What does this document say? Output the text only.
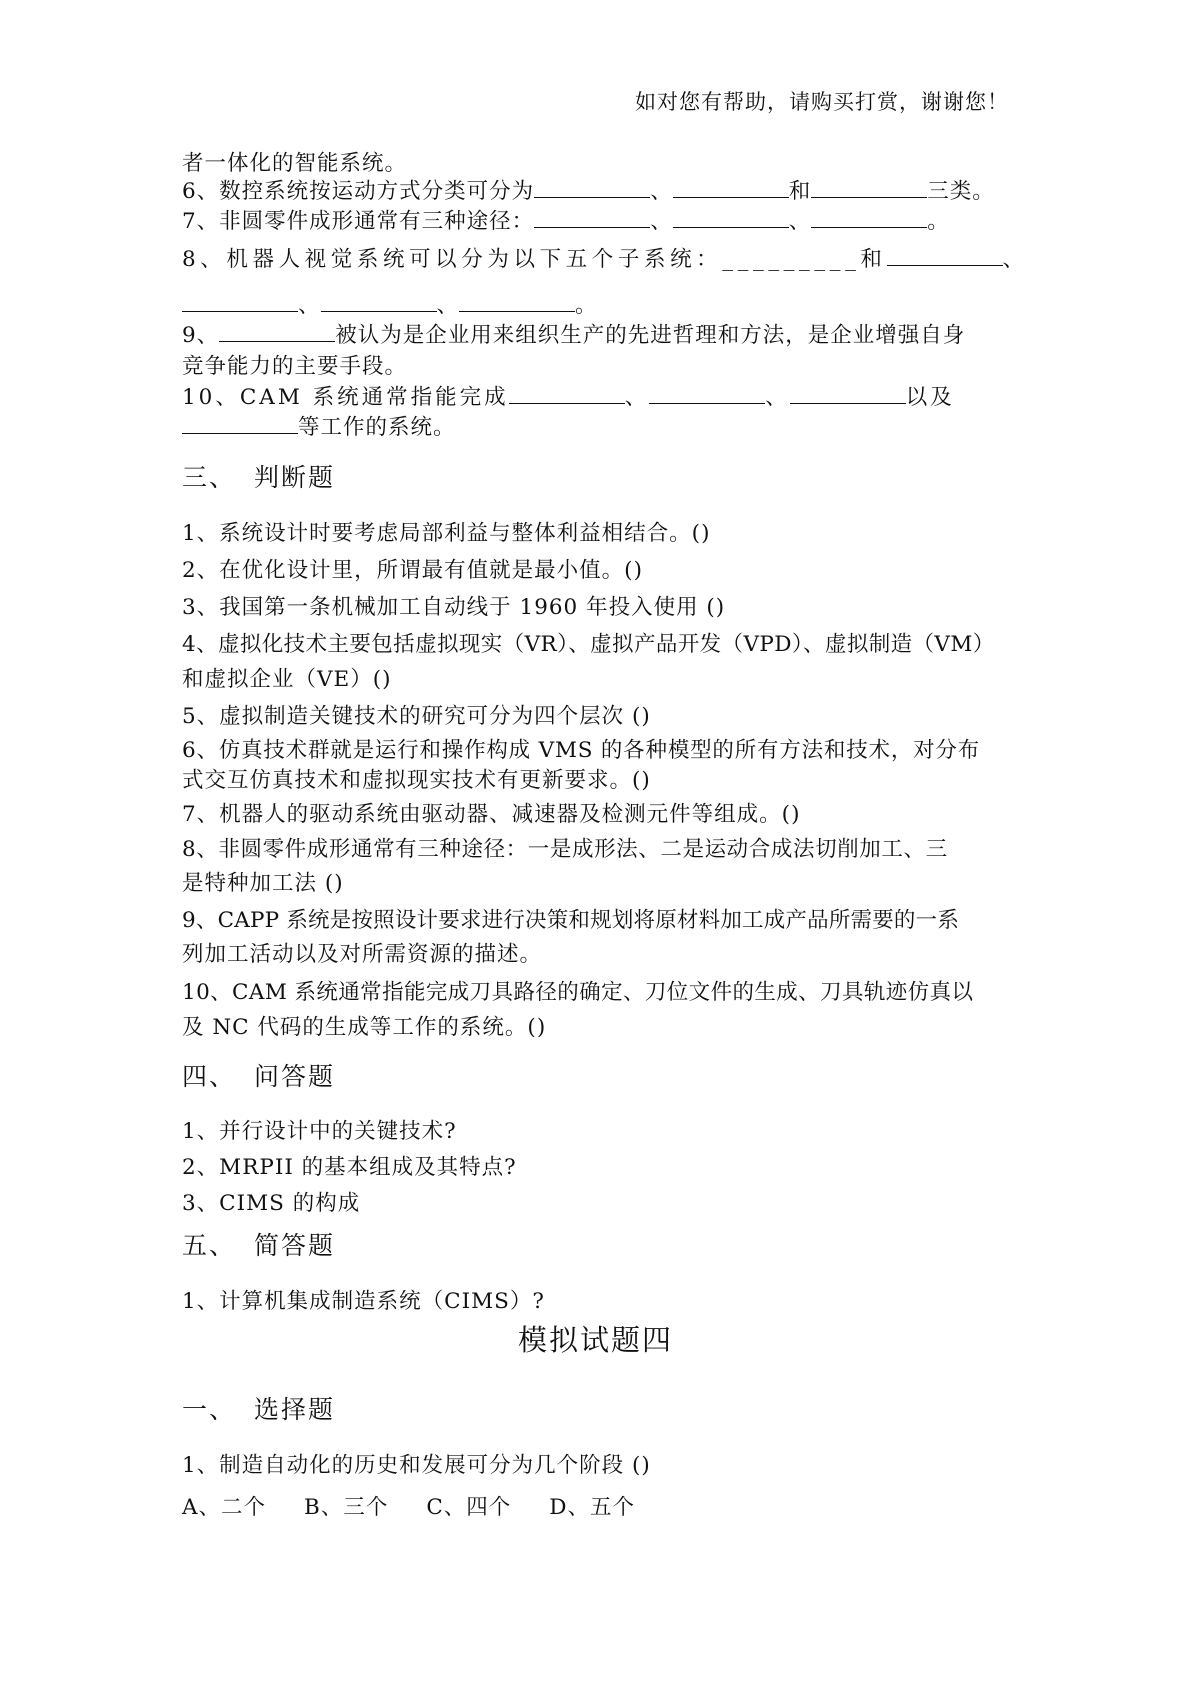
如对您有帮助，请购买打赏，谢谢您！
者一体化的智能系统。
6、数控系统按运动方式分类可分为	、	和	三类。
7、非圆零件成形通常有三种途径：	、	、	。
8、机器人视觉系统可以分为以下五个子系统：_________和	、
、	、	。
9、	被认为是企业用来组织生产的先进哲理和方法，是企业增强自身
竞争能力的主要手段。
10、CAM 系统通常指能完成	、	、	以及
等工作的系统。
三、 判断题
1、系统设计时要考虑局部利益与整体利益相结合。()
2、在优化设计里，所谓最有值就是最小值。()
3、我国第一条机械加工自动线于 1960 年投入使用 ()
4、虚拟化技术主要包括虚拟现实（VR）、虚拟产品开发（VPD）、虚拟制造（VM）
和虚拟企业（VE）()
5、虚拟制造关键技术的研究可分为四个层次 ()
6、仿真技术群就是运行和操作构成 VMS 的各种模型的所有方法和技术，对分布
式交互仿真技术和虚拟现实技术有更新要求。()
7、机器人的驱动系统由驱动器、减速器及检测元件等组成。()
8、非圆零件成形通常有三种途径：一是成形法、二是运动合成法切削加工、三
是特种加工法 ()
9、CAPP 系统是按照设计要求进行决策和规划将原材料加工成产品所需要的一系
列加工活动以及对所需资源的描述。
10、CAM 系统通常指能完成刀具路径的确定、刀位文件的生成、刀具轨迹仿真以
及 NC 代码的生成等工作的系统。()
四、 问答题
1、并行设计中的关键技术?
2、MRPII 的基本组成及其特点?
3、CIMS 的构成
五、 简答题
1、计算机集成制造系统（CIMS）?
模拟试题四
一、 选择题
1、制造自动化的历史和发展可分为几个阶段 ()
A、二个 B、三个 C、四个 D、五个
